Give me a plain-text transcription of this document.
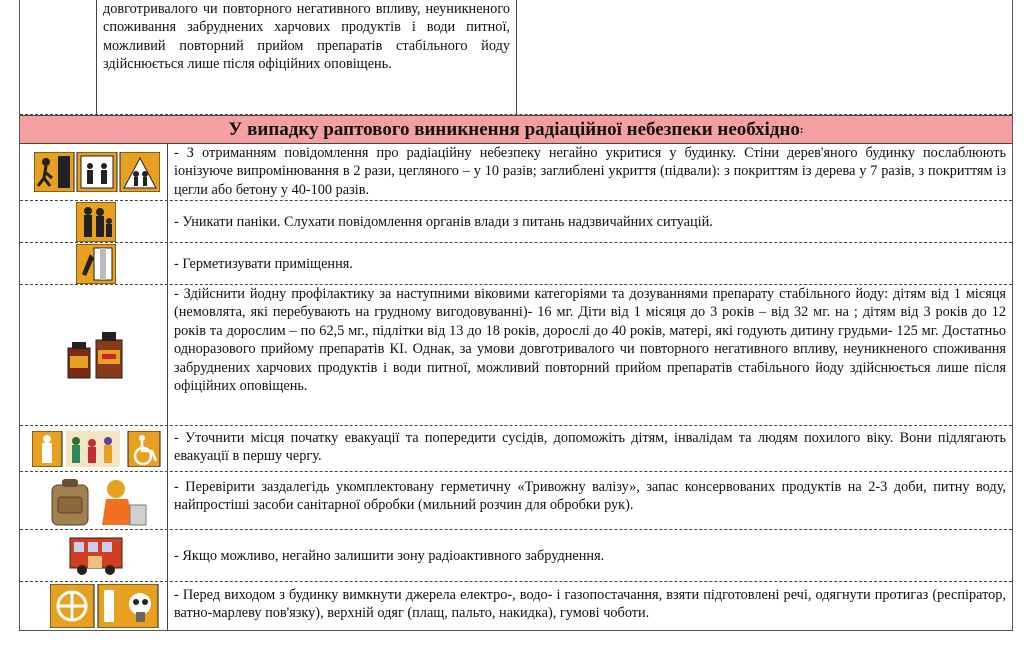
довготривалого чи повторного негативного впливу, неуникненого споживання забруднених харчових продуктів і води питної, можливий повторний прийом препаратів стабільного йоду здійснюється лише після офіційних оповіщень.
У випадку раптового виникнення радіаційної небезпеки необхідно :
- З отриманням повідомлення про радіаційну небезпеку негайно укритися у будинку. Стіни дерев'яного будинку послаблюють іонізуюче випромінювання в 2 рази, цегляного – у 10 разів; заглиблені укриття (підвали): з покриттям із дерева у 7 разів, з покриттям із цегли або бетону у 40-100 разів.
- Уникати паніки. Слухати повідомлення органів влади з питань надзвичайних ситуацій.
- Герметизувати приміщення.
- Здійснити йодну профілактику за наступними віковими категоріями та дозуваннями препарату стабільного йоду: дітям від 1 місяця (немовлята, які перебувають на грудному вигодовуванні)- 16 мг. Діти від 1 місяця до 3 років – від 32 мг. на ; дітям від 3 років до 12 років та дорослим – по 62,5 мг., підлітки від 13 до 18 років, дорослі до 40 років, матері, які годують дитину грудьми- 125 мг. Достатньо одноразового прийому препаратів КІ. Однак, за умови довготривалого чи повторного негативного впливу, неуникненого споживання забруднених харчових продуктів і води питної, можливий повторний прийом препаратів стабільного йоду здійснюється лише після офіційних оповіщень.
- Уточнити місця початку евакуації та попередити сусідів, допоможіть дітям, інвалідам та людям похилого віку. Вони підлягають евакуації в першу чергу.
- Перевірити заздалегідь укомплектовану герметичну «Тривожну валізу», запас консервованих продуктів на 2-3 доби, питну воду, найпростіші засоби санітарної обробки (мильний розчин для обробки рук).
- Якщо можливо, негайно залишити зону радіоактивного забруднення.
- Перед виходом з будинку вимкнути джерела електро-, водо- і газопостачання, взяти підготовлені речі, одягнути протигаз (респіратор, ватно-марлеву пов'язку), верхній одяг (плащ, пальто, накидка), гумові чоботи.
